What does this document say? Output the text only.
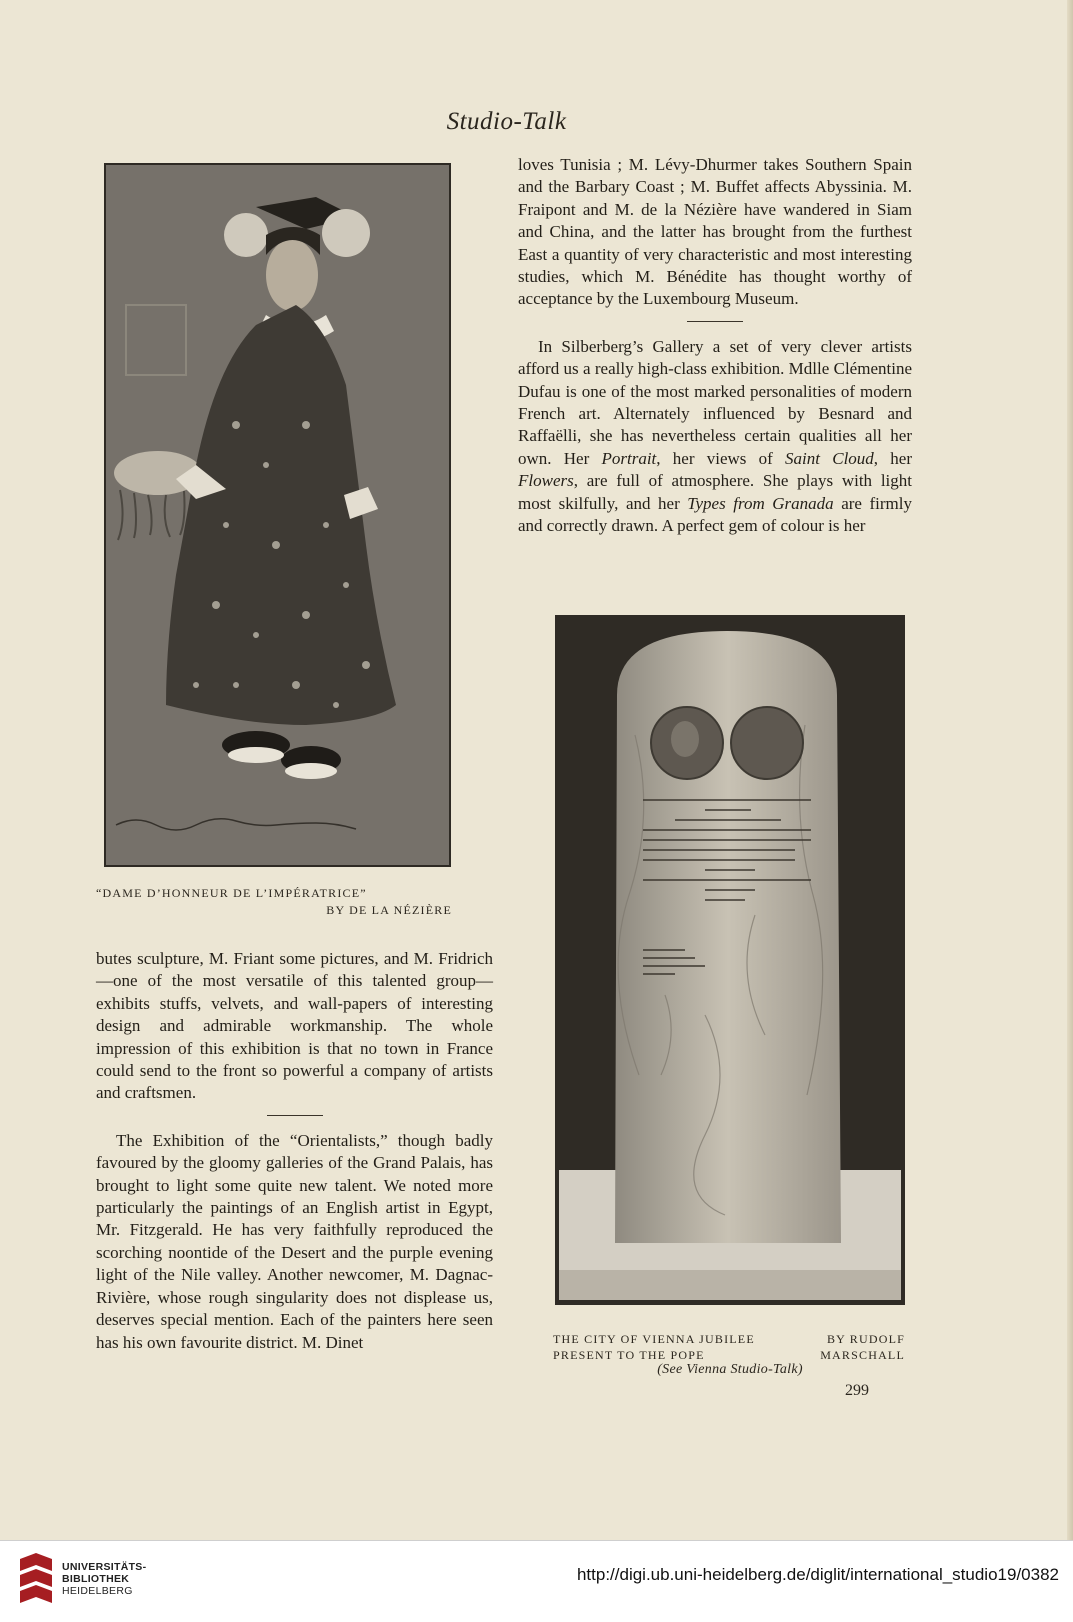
Studio-Talk
“DAME D’HONNEUR DE L’IMPÉRATRICE”
BY DE LA NÉZIÈRE

loves Tunisia ; M. Lévy-Dhurmer takes Southern Spain and the Barbary Coast ; M. Buffet affects Abyssinia. M. Fraipont and M. de la Nézière have wandered in Siam and China, and the latter has brought from the furthest East a quantity of very characteristic and most interesting studies, which M. Bénédite has thought worthy of acceptance by the Luxembourg Museum.

In Silberberg’s Gallery a set of very clever artists afford us a really high-class exhibition. Mdlle Clémentine Dufau is one of the most marked personalities of modern French art. Alternately influenced by Besnard and Raffaëlli, she has nevertheless certain qualities all her own. Her Portrait, her views of Saint Cloud, her Flowers, are full of atmosphere. She plays with light most skilfully, and her Types from Granada are firmly and correctly drawn. A perfect gem of colour is her

THE CITY OF VIENNA JUBILEE
PRESENT TO THE POPE
BY RUDOLF
MARSCHALL
(See Vienna Studio-Talk)

butes sculpture, M. Friant some pictures, and M. Fridrich—one of the most versatile of this talented group—exhibits stuffs, velvets, and wall-papers of interesting design and admirable workmanship. The whole impression of this exhibition is that no town in France could send to the front so powerful a company of artists and craftsmen.

The Exhibition of the “Orientalists,” though badly favoured by the gloomy galleries of the Grand Palais, has brought to light some quite new talent. We noted more particularly the paintings of an English artist in Egypt, Mr. Fitzgerald. He has very faithfully reproduced the scorching noontide of the Desert and the purple evening light of the Nile valley. Another newcomer, M. Dagnac-Rivière, whose rough singularity does not displease us, deserves special mention. Each of the painters here seen has his own favourite district. M. Dinet

299
UNIVERSITÄTS-
BIBLIOTHEK
HEIDELBERG
http://digi.ub.uni-heidelberg.de/diglit/international_studio19/0382
